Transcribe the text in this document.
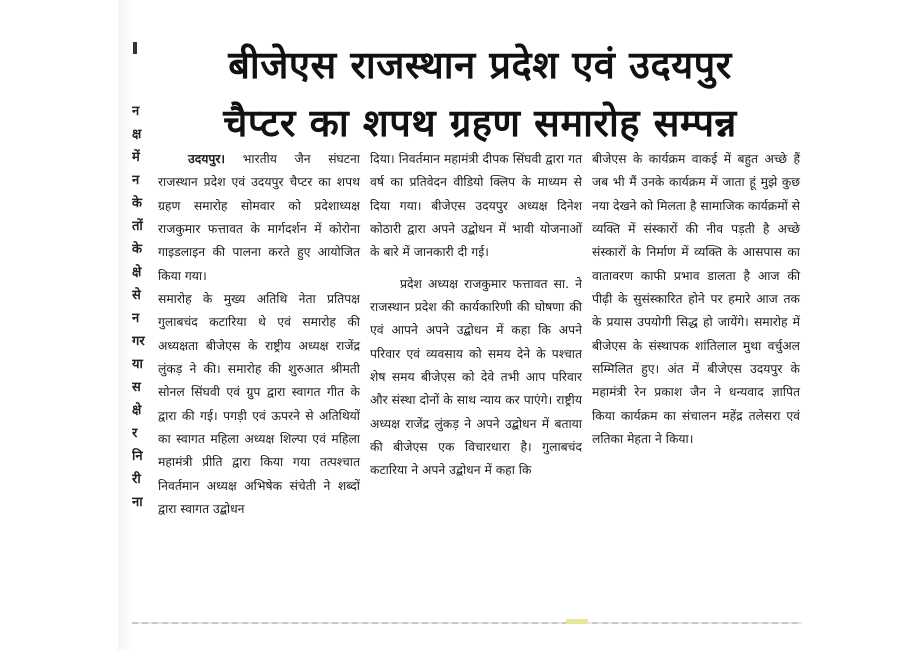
न
क्ष
में
न
के
तों
के
क्षे
से
न
गर
या
स
क्षे
र
नि
री
ना
बीजेएस राजस्थान प्रदेश एवं उदयपुर
चैप्टर का शपथ ग्रहण समारोह सम्पन्न

उदयपुर। भारतीय जैन संघटना राजस्थान प्रदेश एवं उदयपुर चैप्टर का शपथ ग्रहण समारोह सोमवार को प्रदेशाध्यक्ष राजकुमार फत्तावत के मार्गदर्शन में कोरोना गाइडलाइन की पालना करते हुए आयोजित किया गया।

समारोह के मुख्य अतिथि नेता प्रतिपक्ष गुलाबचंद कटारिया थे एवं समारोह की अध्यक्षता बीजेएस के राष्ट्रीय अध्यक्ष राजेंद्र लुंकड़ ने की। समारोह की शुरुआत श्रीमती सोनल सिंघवी एवं ग्रुप द्वारा स्वागत गीत के द्वारा की गई। पगड़ी एवं ऊपरने से अतिथियों का स्वागत महिला अध्यक्ष शिल्पा एवं महिला महामंत्री प्रीति द्वारा किया गया तत्पश्चात निवर्तमान अध्यक्ष अभिषेक संचेती ने शब्दों द्वारा स्वागत उद्बोधन

दिया। निवर्तमान महामंत्री दीपक सिंघवी द्वारा गत वर्ष का प्रतिवेदन वीडियो क्लिप के माध्यम से दिया गया। बीजेएस उदयपुर अध्यक्ष दिनेश कोठारी द्वारा अपने उद्बोधन में भावी योजनाओं के बारे में जानकारी दी गई।

प्रदेश अध्यक्ष राजकुमार फत्तावत सा. ने राजस्थान प्रदेश की कार्यकारिणी की घोषणा की एवं आपने अपने उद्बोधन में कहा कि अपने परिवार एवं व्यवसाय को समय देने के पश्चात शेष समय बीजेएस को देवे तभी आप परिवार और संस्था दोनों के साथ न्याय कर पाएंगे। राष्ट्रीय अध्यक्ष राजेंद्र लुंकड़ ने अपने उद्बोधन में बताया की बीजेएस एक विचारधारा है। गुलाबचंद कटारिया ने अपने उद्बोधन में कहा कि

बीजेएस के कार्यक्रम वाकई में बहुत अच्छे हैं जब भी मैं उनके कार्यक्रम में जाता हूं मुझे कुछ नया देखने को मिलता है सामाजिक कार्यक्रमों से व्यक्ति में संस्कारों की नीव पड़ती है अच्छे संस्कारों के निर्माण में व्यक्ति के आसपास का वातावरण काफी प्रभाव डालता है आज की पीढ़ी के सुसंस्कारित होने पर हमारे आज तक के प्रयास उपयोगी सिद्ध हो जायेंगे। समारोह में बीजेएस के संस्थापक शांतिलाल मुथा वर्चुअल सम्मिलित हुए। अंत में बीजेएस उदयपुर के महामंत्री रेन प्रकाश जैन ने धन्यवाद ज्ञापित किया कार्यक्रम का संचालन महेंद्र तलेसरा एवं लतिका मेहता ने किया।
